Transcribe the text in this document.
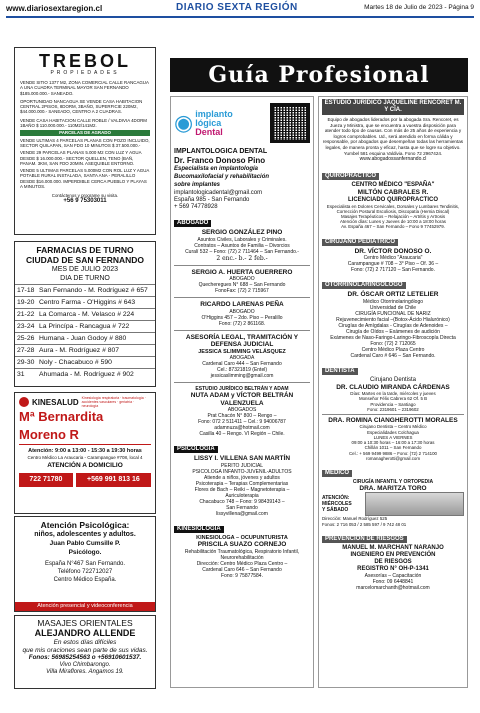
www.diariosextaregion.cl	DIARIO SEXTA REGIÓN	Martes 18 de Julio de 2023 - Página 9
TREBOL
PROPIEDADES
VENDE SITIO 1377 M2, ZONA COMERCIAL CALLE RANCAGUA A UNA CUADRA TERMINAL MAYOR SAN FERNANDO $185.000.000.- SANEADO.
OPORTUNIDAD NANCAGUA SE VENDE CASA HABITACION CENTRAL 2PISOS, 8DORM, 3BAÑO, SUPERFICIE 220M2, $44.000.000.- SANEADO, CENTRO A 2 CUADRAS.
VENDE CASA HABITACION CALLE ROBLE / VALDIVIA 4DORM 1BAÑO $ 110.000.000.- 110M2/141M2.
PARCELAS DE AGRADO
VENDE ULTIMAS 4 PARCELAS PLANAS CON POZO INCLUIDO, SECTOR QUILAPAN, SAN FDO 10 MINUTOS $ 37.500.000.-
VENDE 29 PARCELAS PLANAS 5.000 M2 CON LUZ Y AGUA DESDE $ 16.000.000.- SECTOR QUELLEN, TENO (BAÑ, PANAM. 3KM, SAN FDO 20MIN. ASEQUIBLE ENTORNO.
VENDE 5 ULTIMAS PARCELAS 5.000M2 CON ROL LUZ Y AGUA POTABLE RURAL INSTALADA, SANTA ANA - PERALILLO DESDE $16.000.000. IMPERDIBLE CERCA PUEBLO Y PLAYAS A MINUTOS.
Contáctenos y programe su visita.
+56 9 75303011
FARMACIAS DE TURNO CIUDAD DE SAN FERNANDO
MES DE JULIO 2023
DIA DE TURNO
17-18 San Fernando - M. Rodríguez # 657
19-20 Centro Farma - O'Higgins # 643
21-22 La Comarca - M. Velasco # 224
23-24 La Princípa - Rancagua # 722
25-26 Humana - Juan Godoy # 880
27-28 Aura - M. Rodríguez # 807
29-30 Noly - Chacabuco # 590
31	Ahumada - M. Rodríguez # 902
KINESALUD Kinesiología respiratoria · traumatología · accidentes vasculares · geriatría · neurología
Mª Bernardita Moreno R
Atención: 9:00 a 13:00 - 15:30 a 19:30 horas
Centro Médico La Araucaria - Carampangue #708, local 4
ATENCIÓN A DOMICILIO
722 71780	+569 991 813 16
Atención Psicológica:
niños, adolescentes y adultos.
Juan Pablo Cumsille P.
Psicólogo.
España N°467 San Fernando.
Teléfono 722712027
Centro Médico España.
Atención presencial y videoconferencia
MASAJES ORIENTALES
ALEJANDRO ALLENDE
En estos días difíciles
que mis oraciones sean parte de sus vidas.
Fonos: 56985254563 o +56910601537.
Vivo Chimbarongo.
Villa Miraflores. Angamos 19.
Guía Profesional
◉ implanto
lógica
Dental
IMPLANTOLOGICA DENTAL
Dr. Franco Donoso Pino
Especialista en implantología
Bucomaxilofacial y rehabilitación
sobre implantes
implantologicadental@gmail.com
España 985 - San Fernando
+ 569 74778928
ABOGADO
SERGIO GONZÁLEZ PINO
Asuntos Civiles, Laborales y Criminales.
Contratos – Asuntos de Familia – Divorcios
Curalí 532 – Fono: (72) 2 711464 – San Fernando.-
2 enc.- b.- 2 feb.-
SERGIO A. HUERTA GUERRERO
ABOGADO
Quecheregues N° 688 – San Fernando
FonoFax: (72) 2 715967
RICARDO LARENAS PEÑA
ABOGADO
O'Higgins 457 – 2do. Piso – Peralillo
Fono: (72) 2 861168.
ASESORÍA LEGAL, TRAMITACIÓN Y DEFENSA JUDICIAL
JESSICA SLIMMING VELÁSQUEZ
ABOGADA
Cardenal Caro 444 – San Fernando
Cel.: 87321819 (Entel)
jessicaslimming@gmail.com
ESTUDIO JURÍDICO BELTRÁN Y ADAM
NUTA ADAM y VÍCTOR BELTRÁN VALENZUELA
ABOGADOS
Prat Chacón N° 800 – Rengo –
Fono: 072 2 511411 – Cel.: 9 94006787
adamnuza@hotmail.com
Casilla 40 – Rengo. VI Región – Chile.
PSICOLOGÍA
LISSY I. VILLENA SAN MARTÍN
PERITO JUDICIAL
PSICOLOGA INFANTO-JUVENIL-ADULTOS
Atiende a niños, jóvenes y adultos
Psicoterapia – Terapias Complementarias
Flores de Bach – Reiki – Magnetoterapia –
Auriculoterapia
Chacabuco 748 – Fono: 9 98439143 –
San Fernando
lissyvillena@gmail.com
KINESIOLOGÍA
KINESIOLOGA – OCUPUNTURISTA
PRISCILA SUAZO CORNEJO
Rehabilitación Traumatológica, Respiratorio Infantil,
Neurorehabilitación
Dirección: Centro Médico Plaza Centro –
Cardenal Caro 646 – San Fernando
Fono: 9 75877584.
ESTUDIO JURÍDICO JAQUELINE RENCORET M. Y CÍA.
Equipo de abogados liderados por la abogada Sra. Rencoret, es Jueza y Ministra, que se encuentra a vuestra disposición para atender todo tipo de causas. Con más de 25 años de experiencia y logros comprobables. Ud., será atendido en forma cálida y responsable, por abogados que desempeñan todas las herramientas legales, de manera pronta y eficaz, hasta que se logre su objetivo. Yumbel 581 esquina Valdivia. Fono 72 2967424.
www.abogadossanfernando.cl
QUIROPRÁCTICO
CENTRO MÉDICO "ESPAÑA"
MILTÓN CABRALES R.
LICENCIADO QUIROPRACTICO
Especialista en Dolores Cervicales, Dorsales y Lumbares Tendinitis, Corrección Postural Escoliosis, Discopatía (Hernia Discal)
Masajes Terapéuticos – Relajación – Artritis y Artrosis
Atención días: Lunes y Jueves de 10:00 a 18:00 horas
Av. España 467 – San Fernando – Fono 9 77452979.
CIRUJANO PEDIÁTRICO
DR. VÍCTOR DONOSO O.
Centro Médico "Araucaria"
Carampangue # 708 – 3° Piso – Of. 36 –
Fono: (72) 2 717120 – San Fernando.
OTORRINOLARINGÓLOGO
DR. ÓSCAR ORTIZ LETELIER
Médico Otorrinolaringólogo
Universidad de Chile
CIRUGÍA FUNCIONAL DE NARIZ
Rejuvenecimiento facial –(Botox-Ácido Hialurónico)
Cirugías de Amígdalas - Cirugías de Adenoides –
Cirugía de Oídos – Exámenes de audición
Exámenes de Naso-Faringo-Laringo-Fibroscopía Directa
Fono: (72) 2 712065
Centro Médico Plaza Centro
Cardenal Caro # 646 – San Fernando.
DENTISTA
Cirujano Dentista
DR. CLAUDIO MIRANDA CÁRDENAS
Días: Martes en la tarde, miércoles y jueves
Monseñor Félix Cabrera 62 Of. 5 B
Providencia – Santiago
Fono: 2319601 – 2319602
DRA. ROMINA CIANGHEROTTI MORALES
Cirujano Dentista – Centro Médico
Especialidades Colchagua
LUNES A VIERNES
09:00 a 10:30 horas – 16:00 a 17:30 horas
Chillán 1011 – San Fernando
Cel.: + 569 9499 9886 – Fono: (72) 2 714100
romanagherotti@gmail.com
MÉDICO
CIRUGÍA INFANTIL Y ORTOPEDIA
DRA. MARITZA TORO
ATENCIÓN:
MIÉRCOLES
Y SÁBADO
Dirección: Manuel Rodríguez 525
Fonos: 2 716 053 / 2 585 597 / 9 742 48 01
PREVENCIÓN DE RIESGOS
MANUEL M. MARCHANT NARANJO
INGENIERO EN PREVENCIÓN
DE RIESGOS
REGISTRO N° OH-P-1341
Asesorías – Capacitación
Fono: 09 6448841
marcelomarchanth@hotmail.com
